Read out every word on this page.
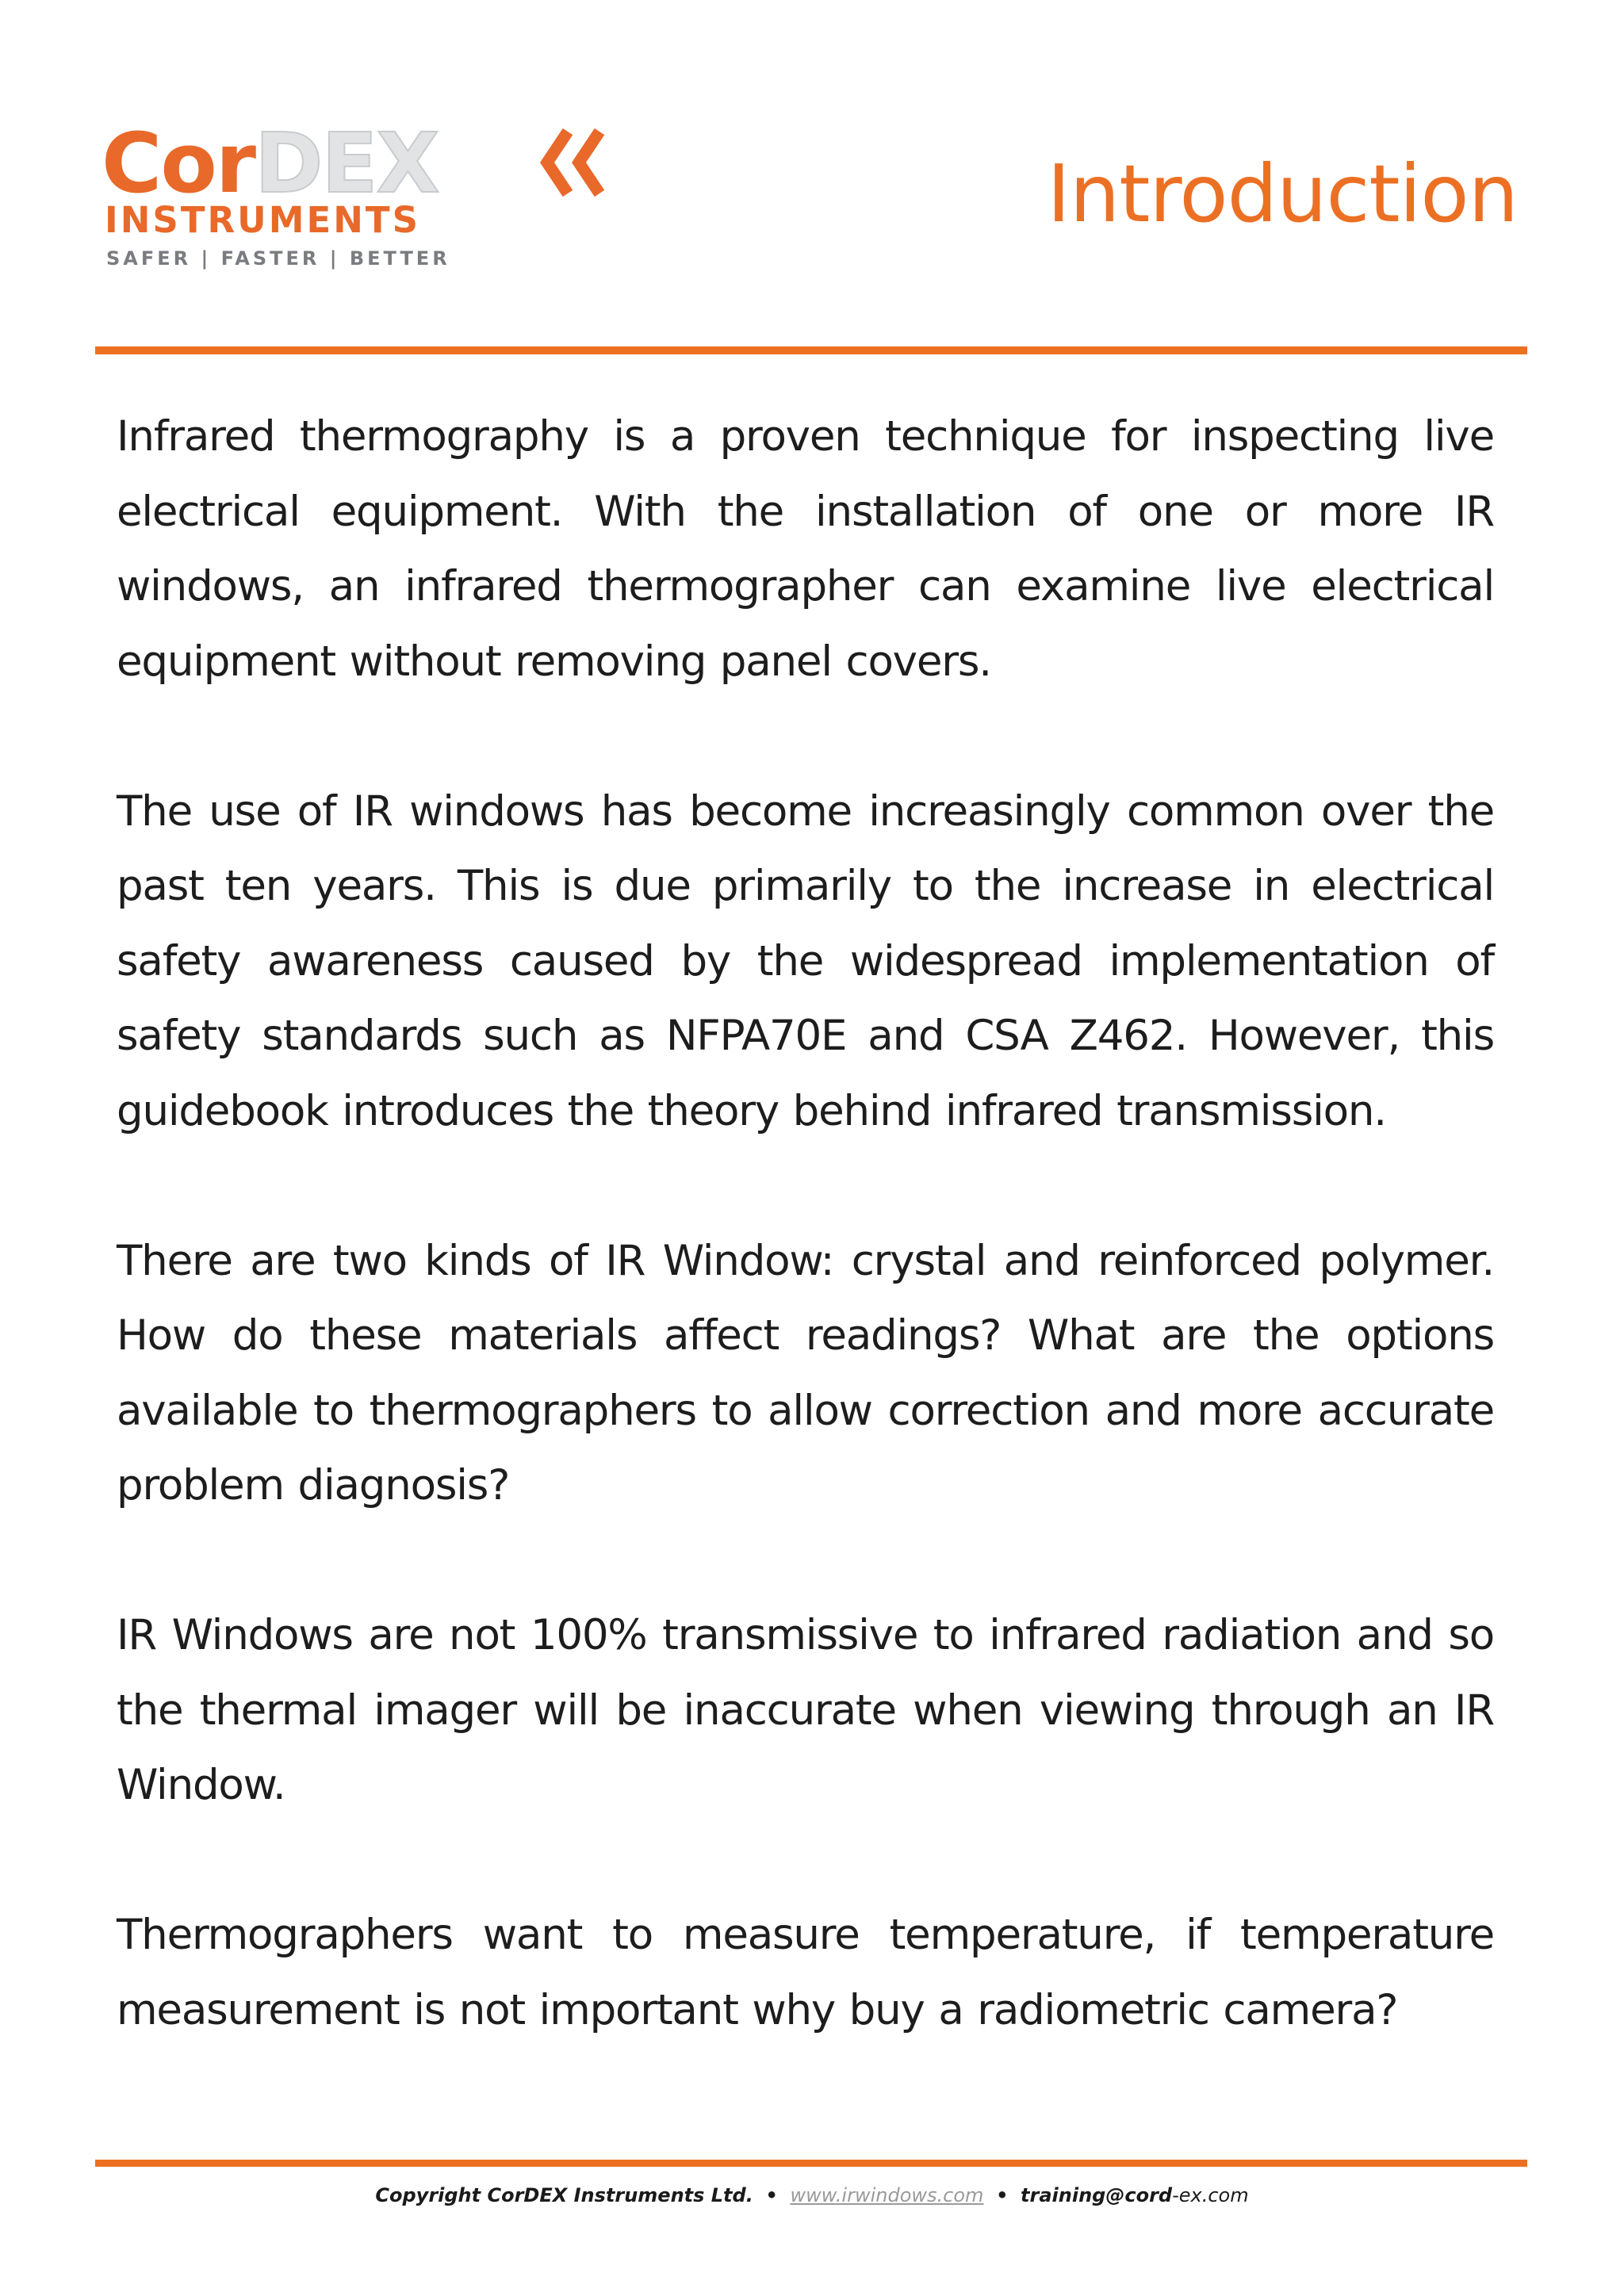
CorDEX
INSTRUMENTS
SAFER | FASTER | BETTER
Introduction

Infrared thermography is a proven technique for inspecting live electrical equipment. With the installation of one or more IR windows, an infrared thermographer can examine live electrical equipment without removing panel covers.

The use of IR windows has become increasingly common over the past ten years. This is due primarily to the increase in electrical safety awareness caused by the widespread implementation of safety standards such as NFPA70E and CSA Z462. However, this guidebook introduces the theory behind infrared transmission.

There are two kinds of IR Window: crystal and reinforced polymer. How do these materials affect readings? What are the options available to thermographers to allow correction and more accurate problem diagnosis?

IR Windows are not 100% transmissive to infrared radiation and so the thermal imager will be inaccurate when viewing through an IR Window.

Thermographers want to measure temperature, if temperature measurement is not important why buy a radiometric camera?

Copyright CorDEX Instruments Ltd. • www.irwindows.com • training@cord-ex.com
